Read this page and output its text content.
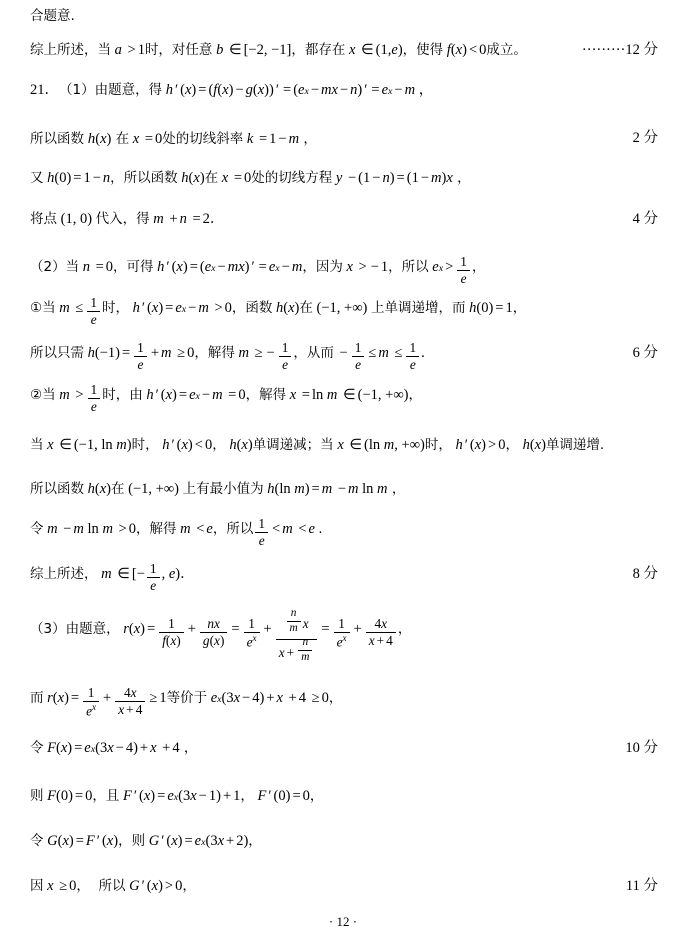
合题意.
综上所述，当 a > 1 时，对任意 b ∈ [−2, −1] ，都存在 x ∈ (1, e ) ，使得 f ( x ) < 0 成立。	·········12 分
21． （1）由题意，得 h ′ ( x ) = ( f ( x ) − g ( x )) ′ = ( e x − mx − n ) ′ = e x − m ，
所以函数 h ( x ) 在 x = 0 处的切线斜率 k = 1 − m ，	2 分
又 h (0) = 1 − n ，所以函数 h ( x ) 在 x = 0 处的切线方程 y − (1 − n ) = (1 − m ) x ，
将点 (1, 0) 代入，得 m + n = 2 ．	4 分
（2）当 n = 0 ，可得 h ′ ( x ) = ( e x − mx ) ′ = e x − m ，因为 x > − 1 ，所以 e $x > \frac{1}{e}$ ，
①当 $m \le \frac{1}{e}$ 时， h ′ ( x ) = e x − m > 0 ，函数 h ( x ) 在 (−1, +∞) 上单调递增，而 h (0) = 1 ，
所以只需 h $(-1) = \frac{1}{e} + m \ge 0$ ，解得 m ≥ − $\frac{1}{e}$ ，从而 − $\frac{1}{e} \le m \le \frac{1}{e}$ .	6 分
②当 $m > \frac{1}{e}$ 时，由 h ′ ( x ) = e x − m = 0 ，解得 x = ln m ∈ (−1, +∞) ，
当 x ∈ (−1, ln m ) 时， h ′ ( x ) < 0 ， h ( x ) 单调递减；当 x ∈ (ln m , +∞) 时， h ′ ( x ) > 0 ， h ( x ) 单调递增.
所以函数 h ( x ) 在 (−1, +∞) 上有最小值为 h (ln m ) = m − m ln m ，
令 m − m ln m > 0 ，解得 m < e ，所以 $\frac{1}{e} < m < e$ .
综上所述， m ∈ [− $\frac{1}{e}$ , e ) ．	8 分
（3）由题意， r ( x ) = $\frac{1}{f(x)} + \frac{nx}{g(x)} = \frac{1}{e^x} + \frac{\frac{n}{m} x}{x + \frac{n}{m}} = \frac{1}{e^x} + \frac{4x}{x + 4}$ ，
而 r ( x ) = $\frac{1}{e^x} + \frac{4x}{x + 4} \ge 1$ 等价于 e x (3 x − 4) + x + 4 ≥ 0 ，
令 F ( x ) = e x (3 x − 4) + x + 4 ，	10 分
则 F (0) = 0 ，且 F ′ ( x ) = e x (3 x − 1) + 1 ， F ′ (0) = 0 ，
令 G ( x ) = F ′ ( x ) ，则 G ′ ( x ) = e x (3 x + 2) ，
因 x ≥ 0 ，  所以 G ′ ( x ) > 0 ，	11 分
· 12 ·
